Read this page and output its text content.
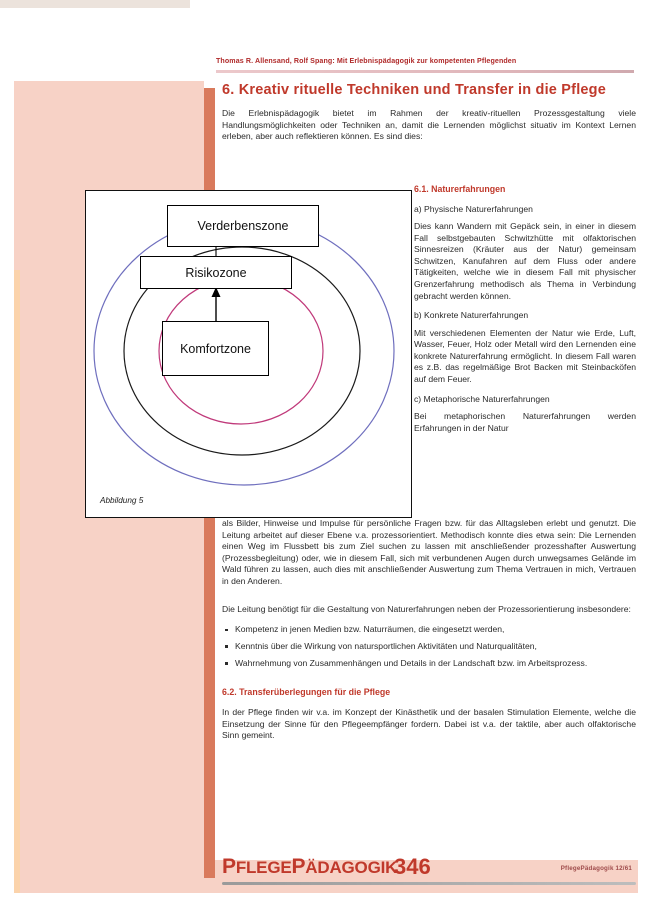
Thomas R. Allensand, Rolf Spang: Mit Erlebnispädagogik zur kompetenten Pflegenden
6. Kreativ rituelle Techniken und Transfer in die Pflege

Die Erlebnispädagogik bietet im Rahmen der kreativ-rituellen Prozessgestaltung viele Handlungsmöglichkeiten oder Techniken an, damit die Lernenden möglichst situativ im Kontext Lernen erleben, aber auch reflektieren können. Es sind dies:

6.1. Naturerfahrungen
a) Physische Naturerfahrungen

Dies kann Wandern mit Gepäck sein, in einer in diesem Fall selbstgebauten Schwitzhütte mit olfaktorischen Sinnesreizen (Kräuter aus der Natur) gemeinsam Schwitzen, Kanufahren auf dem Fluss oder andere Tätigkeiten, welche wie in diesem Fall mit physischer Grenzerfahrung methodisch als Thema in Verbindung gebracht werden können.

b) Konkrete Naturerfahrungen

Mit verschiedenen Elementen der Natur wie Erde, Luft, Wasser, Feuer, Holz oder Metall wird den Lernenden eine konkrete Naturerfahrung ermöglicht. In diesem Fall waren es z.B. das regelmäßige Brot Backen mit Steinbacköfen auf dem Feuer.

c) Metaphorische Naturerfahrungen

Bei metaphorischen Naturerfahrungen werden Erfahrungen in der Natur

Verderbenszone
Risikozone
Komfortzone
Abbildung 5

als Bilder, Hinweise und Impulse für persönliche Fragen bzw. für das Alltagsleben erlebt und genutzt. Die Leitung arbeitet auf dieser Ebene v.a. prozessorientiert. Methodisch konnte dies etwa sein: Die Lernenden einen Weg im Flussbett bis zum Ziel suchen zu lassen mit anschließender prozesshafter Auswertung (Prozessbegleitung) oder, wie in diesem Fall, sich mit verbundenen Augen durch unwegsames Gelände im Wald führen zu lassen, auch dies mit anschließender Auswertung zum Thema Vertrauen in mich, Vertrauen in den Anderen.

Die Leitung benötigt für die Gestaltung von Naturerfahrungen neben der Prozessorientierung insbesondere:

Kompetenz in jenen Medien bzw. Naturräumen, die eingesetzt werden,
Kenntnis über die Wirkung von natursportlichen Aktivitäten und Naturqualitäten,
Wahrnehmung von Zusammenhängen und Details in der Landschaft bzw. im Arbeitsprozess.
6.2. Transferüberlegungen für die Pflege

In der Pflege finden wir v.a. im Konzept der Kinästhetik und der basalen Stimulation Elemente, welche die Einsetzung der Sinne für den Pflegeempfänger fordern. Dabei ist v.a. der taktile, aber auch olfaktorische Sinn gemeint.

PFLEGEPÄDAGOGIK
346	PflegePädagogik 12/61
